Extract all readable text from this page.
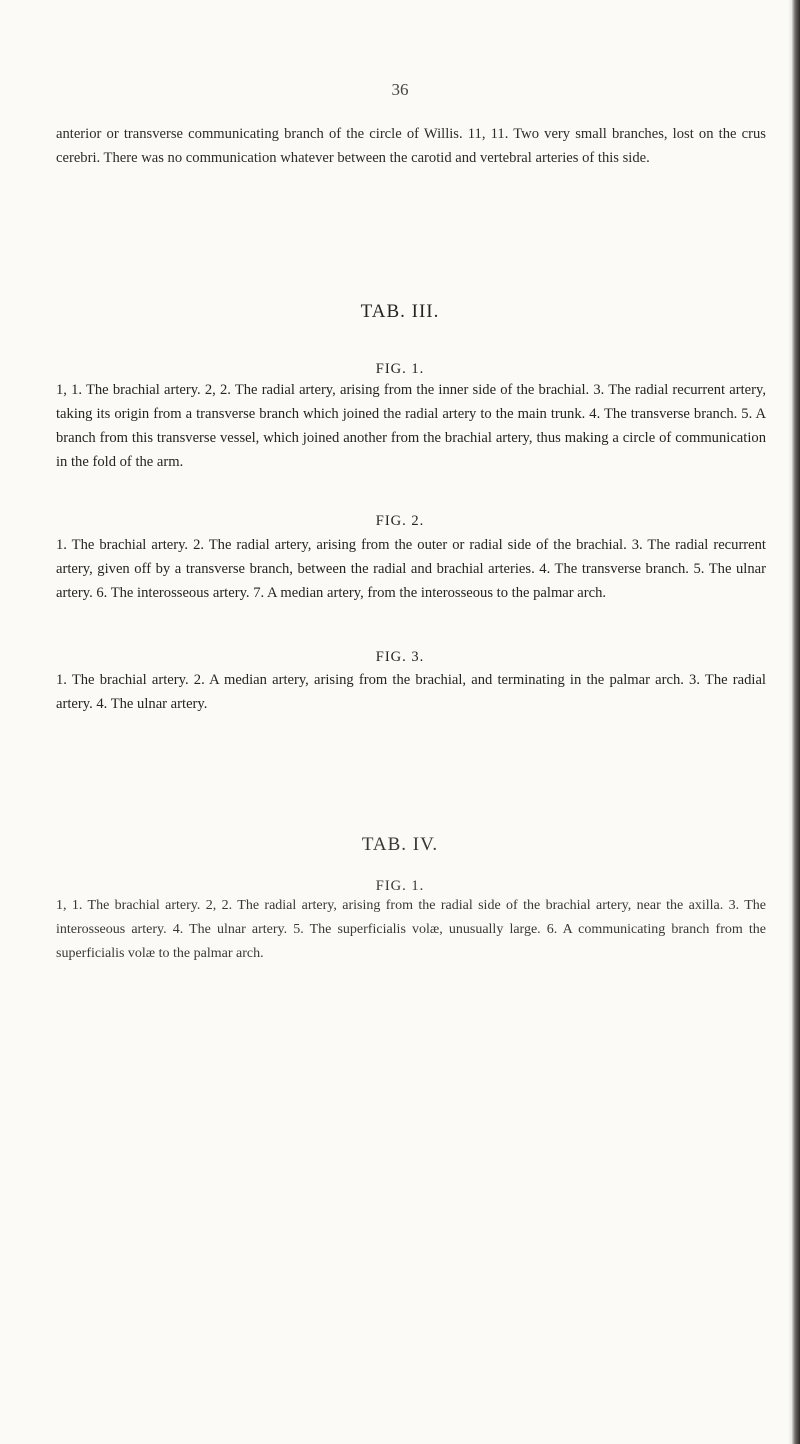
36

anterior or transverse communicating branch of the circle of Willis. 11, 11. Two very small branches, lost on the crus cerebri. There was no communication whatever between the carotid and vertebral arteries of this side.

TAB. III.
FIG. 1.

1, 1. The brachial artery. 2, 2. The radial artery, arising from the inner side of the brachial. 3. The radial recurrent artery, taking its origin from a transverse branch which joined the radial artery to the main trunk. 4. The transverse branch. 5. A branch from this transverse vessel, which joined another from the brachial artery, thus making a circle of communication in the fold of the arm.

FIG. 2.

1. The brachial artery. 2. The radial artery, arising from the outer or radial side of the brachial. 3. The radial recurrent artery, given off by a transverse branch, between the radial and brachial arteries. 4. The transverse branch. 5. The ulnar artery. 6. The interosseous artery. 7. A median artery, from the interosseous to the palmar arch.

FIG. 3.

1. The brachial artery. 2. A median artery, arising from the brachial, and terminating in the palmar arch. 3. The radial artery. 4. The ulnar artery.

TAB. IV.
FIG. 1.

1, 1. The brachial artery. 2, 2. The radial artery, arising from the radial side of the brachial artery, near the axilla. 3. The interosseous artery. 4. The ulnar artery. 5. The superficialis volæ, unusually large. 6. A communicating branch from the superficialis volæ to the palmar arch.
